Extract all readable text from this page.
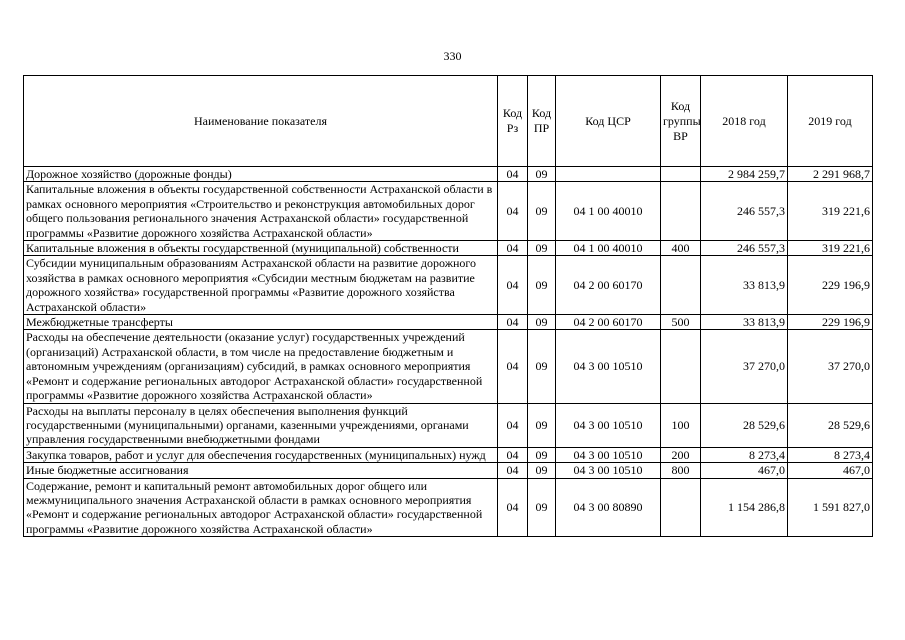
330
Наименование показателя	Код Рз	Код ПР	Код ЦСР	Код группы ВР	2018 год	2019 год
Дорожное хозяйство (дорожные фонды)	04	09			2 984 259,7	2 291 968,7
Капитальные вложения в объекты государственной собственности Астраханской области в рамках основного мероприятия «Строительство и реконструкция автомобильных дорог общего пользования регионального значения Астраханской области» государственной программы «Развитие дорожного хозяйства Астраханской области»	04	09	04 1 00 40010		246 557,3	319 221,6
Капитальные вложения в объекты государственной (муниципальной) собственности	04	09	04 1 00 40010	400	246 557,3	319 221,6
Субсидии муниципальным образованиям Астраханской области на развитие дорожного хозяйства в рамках основного мероприятия «Субсидии местным бюджетам на развитие дорожного хозяйства» государственной программы «Развитие дорожного хозяйства Астраханской области»	04	09	04 2 00 60170		33 813,9	229 196,9
Межбюджетные трансферты	04	09	04 2 00 60170	500	33 813,9	229 196,9
Расходы на обеспечение деятельности (оказание услуг) государственных учреждений (организаций) Астраханской области, в том числе на предоставление бюджетным и автономным учреждениям (организациям) субсидий, в рамках основного мероприятия «Ремонт и содержание региональных автодорог Астраханской области» государственной программы «Развитие дорожного хозяйства Астраханской области»	04	09	04 3 00 10510		37 270,0	37 270,0
Расходы на выплаты персоналу в целях обеспечения выполнения функций государственными (муниципальными) органами, казенными учреждениями, органами управления государственными внебюджетными фондами	04	09	04 3 00 10510	100	28 529,6	28 529,6
Закупка товаров, работ и услуг для обеспечения государственных (муниципальных) нужд	04	09	04 3 00 10510	200	8 273,4	8 273,4
Иные бюджетные ассигнования	04	09	04 3 00 10510	800	467,0	467,0
Содержание, ремонт и капитальный ремонт автомобильных дорог общего или межмуниципального значения Астраханской области в рамках основного мероприятия «Ремонт и содержание региональных автодорог Астраханской области» государственной программы «Развитие дорожного хозяйства Астраханской области»	04	09	04 3 00 80890		1 154 286,8	1 591 827,0
